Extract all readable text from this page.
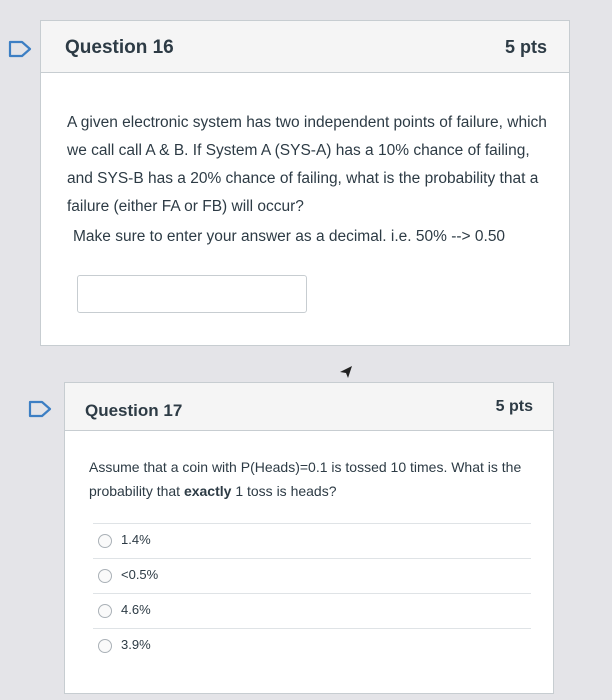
Question 16	5 pts
A given electronic system has two independent points of failure, which we call call A & B. If System A (SYS-A) has a 10% chance of failing, and SYS-B has a 20% chance of failing, what is the probability that a failure (either FA or FB) will occur?
Make sure to enter your answer as a decimal. i.e. 50% --> 0.50
Question 17	5 pts
Assume that a coin with P(Heads)=0.1 is tossed 10 times. What is the probability that exactly 1 toss is heads?
1.4%
<0.5%
4.6%
3.9%
